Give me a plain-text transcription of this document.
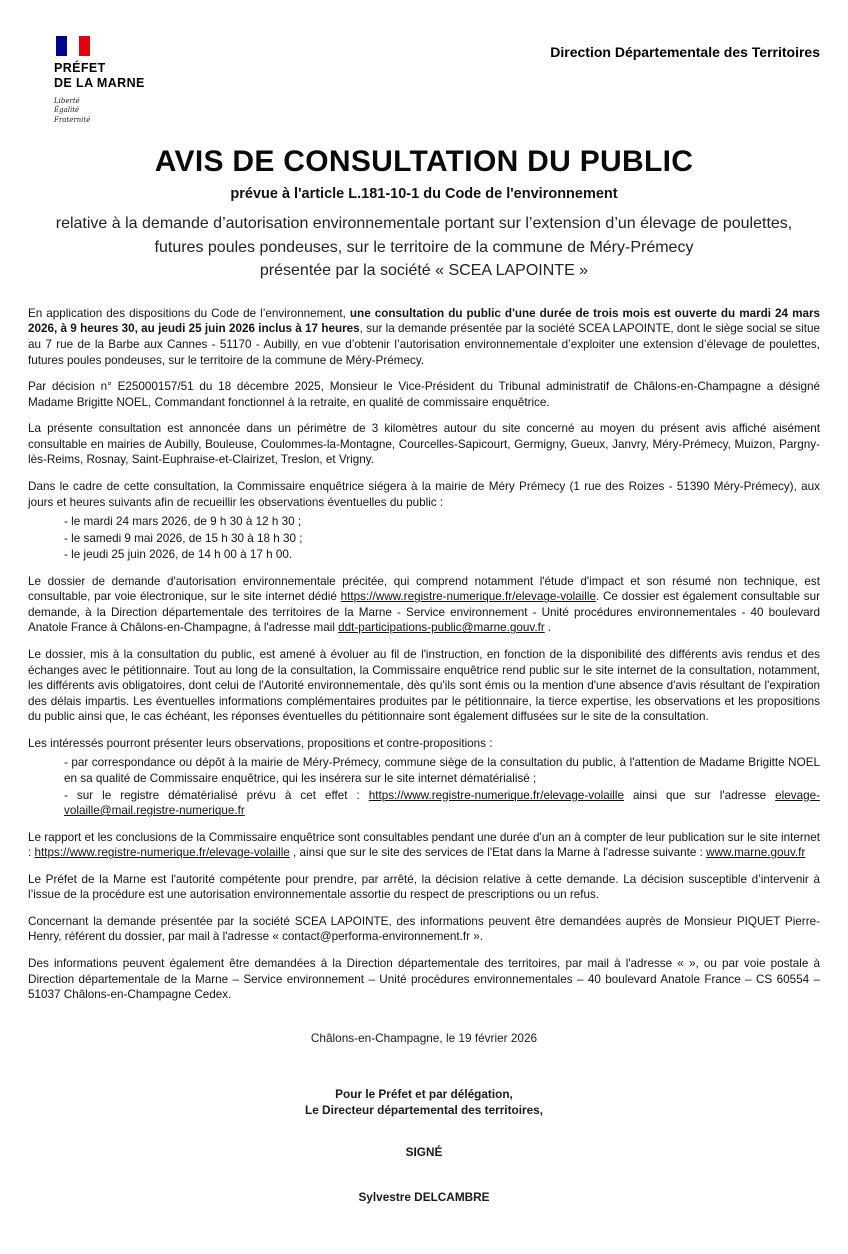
PRÉFET
DE LA MARNE
Liberté
Égalité
Fraternité
Direction Départementale des Territoires
AVIS DE CONSULTATION DU PUBLIC
prévue à l'article L.181-10-1 du Code de l'environnement
relative à la demande d’autorisation environnementale portant sur l’extension d’un élevage de poulettes, futures poules pondeuses, sur le territoire de la commune de Méry-Prémecy
présentée par la société « SCEA LAPOINTE »

En application des dispositions du Code de l’environnement, une consultation du public d'une durée de trois mois est ouverte du mardi 24 mars 2026, à 9 heures 30, au jeudi 25 juin 2026 inclus à 17 heures, sur la demande présentée par la société SCEA LAPOINTE, dont le siège social se situe au 7 rue de la Barbe aux Cannes - 51170 - Aubilly, en vue d’obtenir l’autorisation environnementale d’exploiter une extension d’élevage de poulettes, futures poules pondeuses, sur le territoire de la commune de Méry-Prémecy.

Par décision n° E25000157/51 du 18 décembre 2025, Monsieur le Vice-Président du Tribunal administratif de Châlons-en-Champagne a désigné Madame Brigitte NOEL, Commandant fonctionnel à la retraite, en qualité de commissaire enquêtrice.

La présente consultation est annoncée dans un périmètre de 3 kilomètres autour du site concerné au moyen du présent avis affiché aisément consultable en mairies de Aubilly, Bouleuse, Coulommes-la-Montagne, Courcelles-Sapicourt, Germigny, Gueux, Janvry, Méry-Prémecy, Muizon, Pargny-lès-Reims, Rosnay, Saint-Euphraise-et-Clairizet, Treslon, et Vrigny.

Dans le cadre de cette consultation, la Commissaire enquêtrice siégera à la mairie de Méry Prémecy (1 rue des Roizes - 51390 Méry-Prémecy), aux jours et heures suivants afin de recueillir les observations éventuelles du public :

- le mardi 24 mars 2026, de 9 h 30 à 12 h 30 ;
- le samedi 9 mai 2026, de 15 h 30 à 18 h 30 ;
- le jeudi 25 juin 2026, de 14 h 00 à 17 h 00.

Le dossier de demande d'autorisation environnementale précitée, qui comprend notamment l'étude d'impact et son résumé non technique, est consultable, par voie électronique, sur le site internet dédié https://www.registre-numerique.fr/elevage-volaille. Ce dossier est également consultable sur demande, à la Direction départementale des territoires de la Marne - Service environnement - Unité procédures environnementales - 40 boulevard Anatole France à Châlons-en-Champagne, à l'adresse mail ddt-participations-public@marne.gouv.fr .

Le dossier, mis à la consultation du public, est amené à évoluer au fil de l'instruction, en fonction de la disponibilité des différents avis rendus et des échanges avec le pétitionnaire. Tout au long de la consultation, la Commissaire enquêtrice rend public sur le site internet de la consultation, notamment, les différents avis obligatoires, dont celui de l'Autorité environnementale, dès qu'ils sont émis ou la mention d'une absence d'avis résultant de l'expiration des délais impartis. Les éventuelles informations complémentaires produites par le pétitionnaire, la tierce expertise, les observations et les propositions du public ainsi que, le cas échéant, les réponses éventuelles du pétitionnaire sont également diffusées sur le site de la consultation.

Les intéressés pourront présenter leurs observations, propositions et contre-propositions :

- par correspondance ou dépôt à la mairie de Méry-Prémecy, commune siège de la consultation du public, à l'attention de Madame Brigitte NOEL en sa qualité de Commissaire enquêtrice, qui les insérera sur le site internet dématérialisé ;
- sur le registre dématérialisé prévu à cet effet : https://www.registre-numerique.fr/elevage-volaille ainsi que sur l'adresse elevage-volaille@mail.registre-numerique.fr

Le rapport et les conclusions de la Commissaire enquêtrice sont consultables pendant une durée d'un an à compter de leur publication sur le site internet : https://www.registre-numerique.fr/elevage-volaille , ainsi que sur le site des services de l'Etat dans la Marne à l'adresse suivante : www.marne.gouv.fr

Le Préfet de la Marne est l'autorité compétente pour prendre, par arrêté, la décision relative à cette demande. La décision susceptible d’intervenir à l’issue de la procédure est une autorisation environnementale assortie du respect de prescriptions ou un refus.

Concernant la demande présentée par la société SCEA LAPOINTE, des informations peuvent être demandées auprès de Monsieur PIQUET Pierre-Henry, référent du dossier, par mail à l'adresse « contact@performa-environnement.fr ».

Des informations peuvent également être demandées à la Direction départementale des territoires, par mail à l'adresse « », ou par voie postale à Direction départementale de la Marne – Service environnement – Unité procédures environnementales – 40 boulevard Anatole France – CS 60554 – 51037 Châlons-en-Champagne Cedex.

Châlons-en-Champagne, le 19 février 2026
Pour le Préfet et par délégation,
Le Directeur départemental des territoires,
SIGNÉ
Sylvestre DELCAMBRE
